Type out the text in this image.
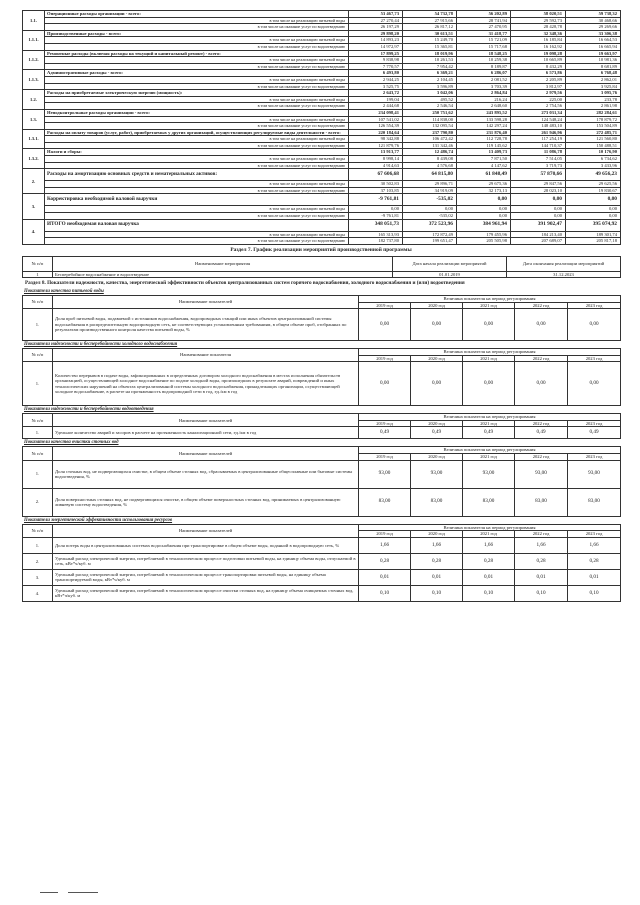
1.1.	Операционные расходы организации - всего:	53 467,73	54 732,78	56 202,89	58 020,51	59 738,32
	в том числе на реализацию питьевой воды	27 270,44	27 915,66	28 741,94	29 592,73	30 468,66
	в том числе на оказание услуг по водоотведению	26 197,29	26 817,12	27 470,95	28 428,78	29 269,66
1.1.1.	Производственные расходы - всего:	29 898,20	30 613,51	31 418,77	32 348,36	33 306,38
	в том числе на реализацию питьевой воды	14 893,23	15 249,70	15 721,09	16 185,84	16 664,53
	в том числе на оказание услуг по водоотведению	14 972,97	15 365,81	15 717,68	16 162,92	16 665,94
1.1.2.	Ремонтные расходы (включая расходы на текущий и капитальный ремонт) - всего:	17 899,25	18 019,96	18 548,25	19 098,28	19 663,97
	в том числе на реализацию питьевой воды	9 838,98	10 261,53	10 259,38	10 665,89	10 981,36
	в том числе на оказание услуг по водоотведению	7 770,57	7 954,42	8 189,87	8 432,29	8 681,89
1.1.3.	Административные расходы - всего:	6 493,80	6 369,21	6 286,07	6 573,86	6 768,48
	в том числе на реализацию питьевой воды	2 944,25	2 104,45	2 081,52	2 205,89	2 862,01
	в том числе на оказание услуг по водоотведению	3 525,75	3 596,89	3 703,39	3 812,97	3 925,84
1.2.	Расходы на приобретаемые электрическую энергию (мощность):	2 643,72	3 042,06	2 864,84	2 979,56	3 095,76
	в том числе на реализацию питьевой воды	199,04	495,52	216,24	225,00	233,78
	в том числе на оказание услуг по водоотведению	2 444,68	2 546,54	2 648,60	2 754,56	2 861,98
1.3.	Неподконтрольные расходы организации - всего:	234 098,41	250 751,62	243 895,52	273 031,34	282 284,61
	в том числе на реализацию питьевой воды	107 541,02	114 838,00	133 598,28	124 548,24	178 879,72
	в том числе на оказание услуг по водоотведению	126 554,39	132 095,54	142 297,24	148 483,10	153 504,89
1.3.1.	Расходы на оплату товаров (услуг, работ), приобретаемых у других организаций, осуществляющих регулируемые виды деятельности - всего:	220 184,64	237 790,80	231 876,40	261 946,96	272 485,71
	в том числе на реализацию питьевой воды	98 342,88	106 472,42	112 728,78	117 254,19	121 560,80
	в том числе на оказание услуг по водоотведению	121 879,76	131 342,46	119 145,62	144 710,37	150 488,51
1.3.2.	Налоги и сборы:	13 913,77	12 486,74	13 409,73	11 086,78	10 176,90
	в том числе на реализацию питьевой воды	8 998,14	8 439,08	7 871,50	7 514,05	6 734,62
	в том числе на оказание услуг по водоотведению	4 914,63	4 576,68	4 147,62	3 719,73	3 433,96
2.	Расходы на амортизацию основных средств и нематериальных активов:	67 606,68	64 815,80	61 848,49	57 870,66	49 656,23
	в том числе на реализацию питьевой воды	30 502,83	29 896,71	29 675,36	29 847,56	29 625,56
	в том числе на оказание услуг по водоотведению	37 103,85	34 919,09	32 173,13	28 023,10	19 830,67
3.	Корректировка необходимой валовой выручки	-9 761,81	-535,02	0,00	0,00	0,00
	в том числе на реализацию питьевой воды	0,00	0,00	0,00	0,00	0,00
	в том числе на оказание услуг по водоотведению	-9 761,81	-535,02	0,00	0,00	0,00
4.	ИТОГО необходимая валовая выручка	348 051,73	372 523,96	384 961,94	391 902,47	395 074,92
	в том числе на реализацию питьевой воды	165 313,93	172 872,49	179 455,96	184 213,40	189 301,74
	в том числе на оказание услуг по водоотведению	182 737,80	199 651,47	205 505,98	207 689,07	205 817,18
Раздел 7. График реализации мероприятий производственной программы
№ п/п	Наименование мероприятия	Дата начала реализации мероприятий	Дата окончания реализации мероприятий
1	Бесперебойное водоснабжение и водоотведение	01.01.2019	31.12.2023
Раздел 8. Показатели надежности, качества, энергетической эффективности объектов централизованных систем горячего водоснабжения, холодного водоснабжения и (или) водоотведения
Показатели качества питьевой воды
№ п/п	Наименование показателей	Величина показателя на период регулирования				
		2019 год	2020 год	2021 год	2022 год	2023 год
1.	Доля проб питьевой воды, подаваемой с источников водоснабжения, водопроводных станций или иных объектов централизованной системы водоснабжения в распределительную водопроводную сеть, не соответствующих установленным требованиям, в общем объеме проб, отобранных по результатам производственного контроля качества питьевой воды, %	0,00	0,00	0,00	0,00	0,00
Показатели надежности и бесперебойности холодного водоснабжения
№ п/п	Наименование показателя	Величина показателя на период регулирования				
		2019 год	2020 год	2021 год	2022 год	2023 год
1.	Количество перерывов в подаче воды, зафиксированных в определенных договором холодного водоснабжения в местах исполнения обязательств организацией, осуществляющей холодное водоснабжение по подаче холодной воды, произошедших в результате аварий, повреждений и иных технологических нарушений на объектах централизованной системы холодного водоснабжения, принадлежащих организации, осуществляющей холодное водоснабжение, в расчете на протяженность водопроводной сети в год, ед./км в год	0,00	0,00	0,00	0,00	0,00
Показатели надежности и бесперебойности водоотведения
№ п/п	Наименование показателей	Величина показателя на период регулирования				
		2019 год	2020 год	2021 год	2022 год	2023 год
1.	Удельное количество аварий и засоров в расчете на протяженность канализационной сети, ед./км в год	0,49	0,49	0,49	0,49	0,49
Показатели качества очистки сточных вод
№ п/п	Наименование показателей	Величина показателя на период регулирования				
		2019 год	2020 год	2021 год	2022 год	2023 год
1.	Доля сточных вод, не подвергающихся очистке, в общем объеме сточных вод, сбрасываемых в централизованные общесплавные или бытовые системы водоотведения, %	93,00	93,00	93,00	93,00	93,00
2.	Доля поверхностных сточных вод, не подвергающихся очистке, в общем объеме поверхностных сточных вод, принимаемых в централизованную ливневую систему водоотведения, %	83,00	83,00	83,00	83,00	83,00
Показатели энергетической эффективности использования ресурсов
№ п/п	Наименование показателей	Величина показателя на период регулирования				
		2019 год	2020 год	2021 год	2022 год	2023 год
1.	Доля потерь воды в централизованных системах водоснабжения при транспортировке в общем объеме воды, поданной в водопроводную сеть, %	1,66	1,66	1,66	1,66	1,66
2.	Удельный расход электрической энергии, потребляемой в технологическом процессе подготовки питьевой воды, на единицу объема воды, отпускаемой в сеть, кВт*ч/куб. м	0,28	0,28	0,28	0,28	0,28
3.	Удельный расход электрической энергии, потребляемой в технологическом процессе транспортировки питьевой воды, на единицу объема транспортируемой воды, кВт*ч/куб. м	0,01	0,01	0,01	0,01	0,01
4.	Удельный расход электрической энергии, потребляемой в технологическом процессе очистки сточных вод, на единицу объема очищаемых сточных вод, кВт*ч/куб. м	0,10	0,10	0,10	0,10	0,10
